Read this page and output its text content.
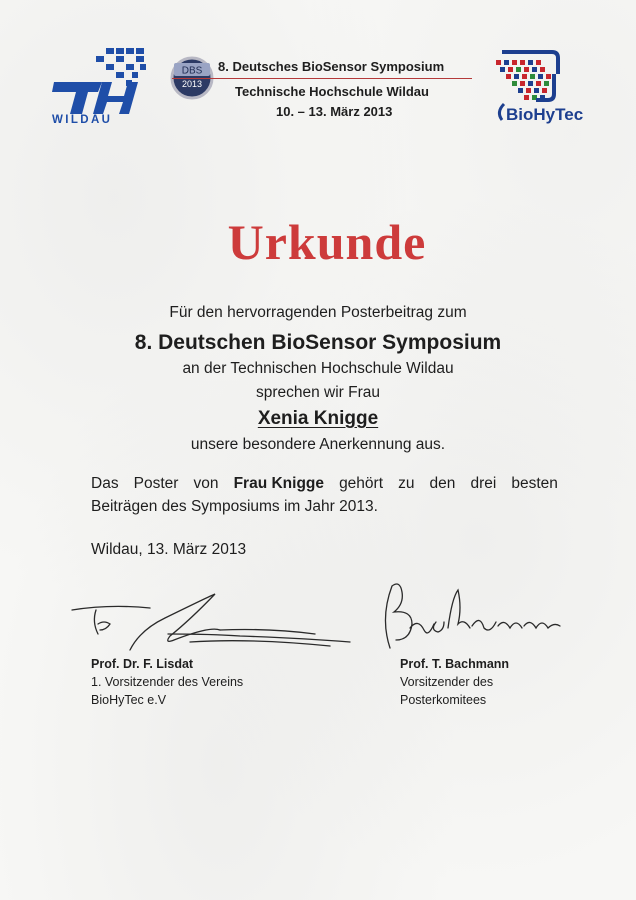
WILDAU
DBS
2013
8. Deutsches BioSensor Symposium
Technische Hochschule Wildau
10. – 13. März 2013	BioHyTec
Urkunde
Für den hervorragenden Posterbeitrag zum
8. Deutschen BioSensor Symposium
an der Technischen Hochschule Wildau
sprechen wir Frau
Xenia Knigge
unsere besondere Anerkennung aus.
Das Poster von Frau Knigge gehört zu den drei besten
Beiträgen des Symposiums im Jahr 2013.
Wildau, 13. März 2013
Prof. Dr. F. Lisdat
1. Vorsitzender des Vereins
BioHyTec e.V
Prof. T. Bachmann
Vorsitzender des
Posterkomitees
